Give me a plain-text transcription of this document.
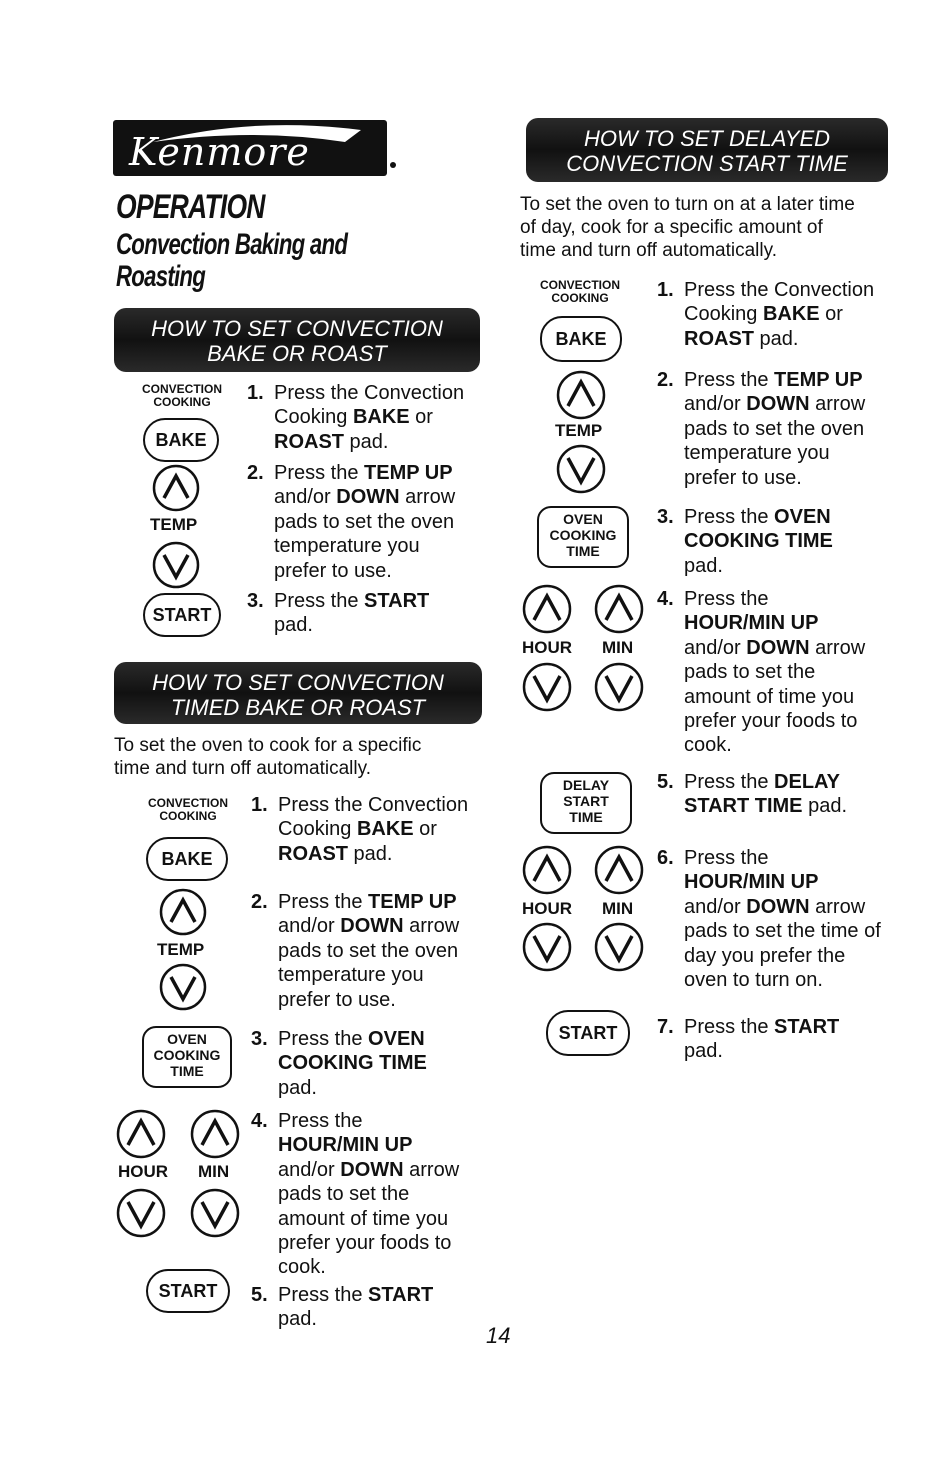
Kenmore
OPERATION
Convection Baking and
Roasting
HOW TO SET CONVECTION
BAKE OR ROAST
CONVECTION
COOKING
BAKE
TEMP
START
1. Press the Convection
Cooking BAKE or
ROAST pad.
2. Press the TEMP UP
and/or DOWN arrow
pads to set the oven
temperature you
prefer to use.
3. Press the START
pad.
HOW TO SET CONVECTION
TIMED BAKE OR ROAST
To set the oven to cook for a specific
time and turn off automatically.
CONVECTION
COOKING
BAKE
TEMP
OVEN
COOKING
TIME
HOUR MIN
START
1. Press the Convection
Cooking BAKE or
ROAST pad.
2. Press the TEMP UP
and/or DOWN arrow
pads to set the oven
temperature you
prefer to use.
3. Press the OVEN
COOKING TIME
pad.
4. Press the
HOUR/MIN UP
and/or DOWN arrow
pads to set the
amount of time you
prefer your foods to
cook.
5. Press the START
pad.
HOW TO SET DELAYED
CONVECTION START TIME
To set the oven to turn on at a later time
of day, cook for a specific amount of
time and turn off automatically.
CONVECTION
COOKING
BAKE
TEMP
OVEN
COOKING
TIME
HOUR MIN
DELAY
START
TIME
HOUR MIN
START
1. Press the Convection
Cooking BAKE or
ROAST pad.
2. Press the TEMP UP
and/or DOWN arrow
pads to set the oven
temperature you
prefer to use.
3. Press the OVEN
COOKING TIME
pad.
4. Press the
HOUR/MIN UP
and/or DOWN arrow
pads to set the
amount of time you
prefer your foods to
cook.
5. Press the DELAY
START TIME pad.
6. Press the
HOUR/MIN UP
and/or DOWN arrow
pads to set the time of
day you prefer the
oven to turn on.
7. Press the START
pad.
14
